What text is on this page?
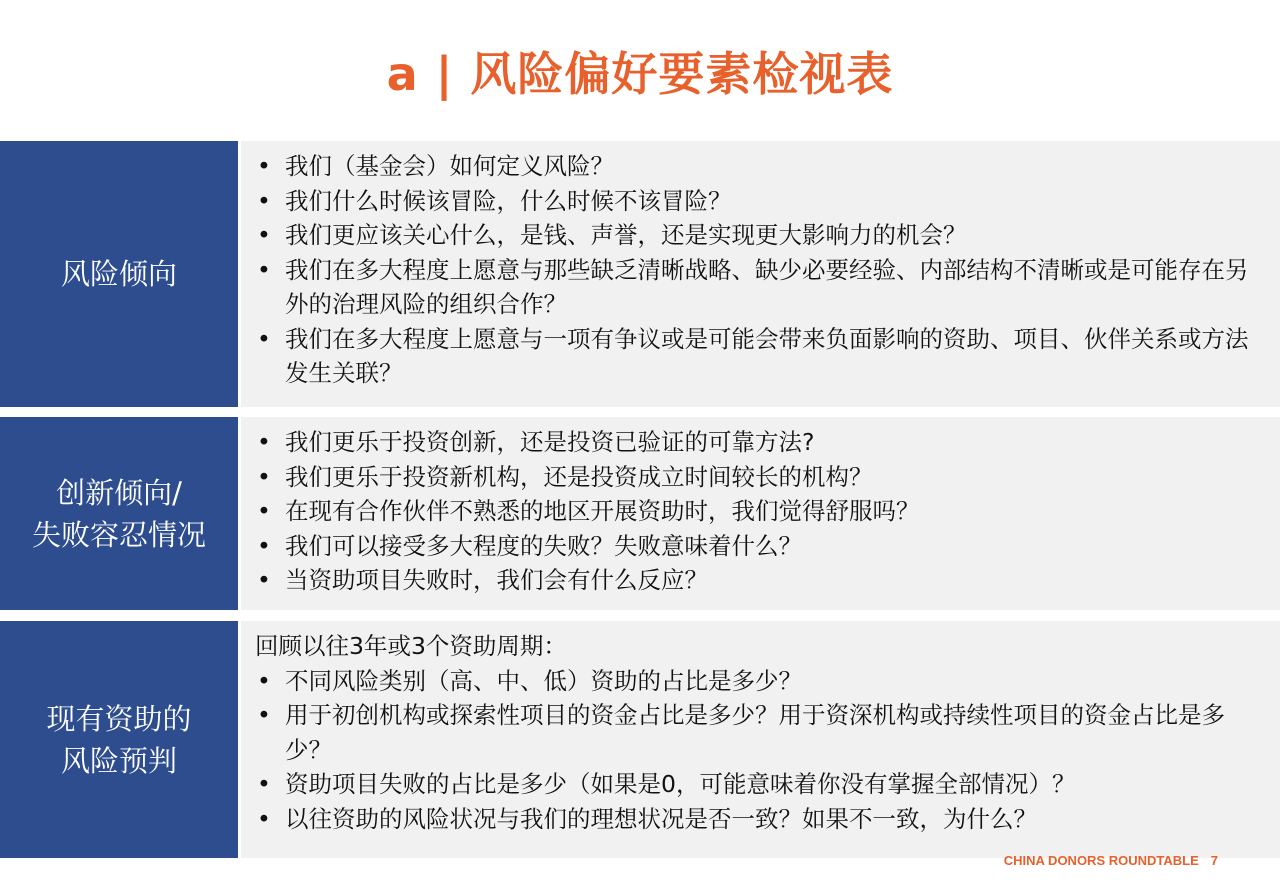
a | 风险偏好要素检视表
风险倾向
• 我们（基金会）如何定义风险？
• 我们什么时候该冒险，什么时候不该冒险？
• 我们更应该关心什么，是钱、声誉，还是实现更大影响力的机会？
• 我们在多大程度上愿意与那些缺乏清晰战略、缺少必要经验、内部结构不清晰或是可能存在另外的治理风险的组织合作？
• 我们在多大程度上愿意与一项有争议或是可能会带来负面影响的资助、项目、伙伴关系或方法发生关联？
创新倾向/
失败容忍情况
• 我们更乐于投资创新，还是投资已验证的可靠方法?
• 我们更乐于投资新机构，还是投资成立时间较长的机构？
• 在现有合作伙伴不熟悉的地区开展资助时，我们觉得舒服吗？
• 我们可以接受多大程度的失败？失败意味着什么？
• 当资助项目失败时，我们会有什么反应？
现有资助的
风险预判
回顾以往3年或3个资助周期：
• 不同风险类别（高、中、低）资助的占比是多少？
• 用于初创机构或探索性项目的资金占比是多少？用于资深机构或持续性项目的资金占比是多少？
• 资助项目失败的占比是多少（如果是0，可能意味着你没有掌握全部情况）？
• 以往资助的风险状况与我们的理想状况是否一致？如果不一致，为什么？
CHINA DONORS ROUNDTABLE 7
